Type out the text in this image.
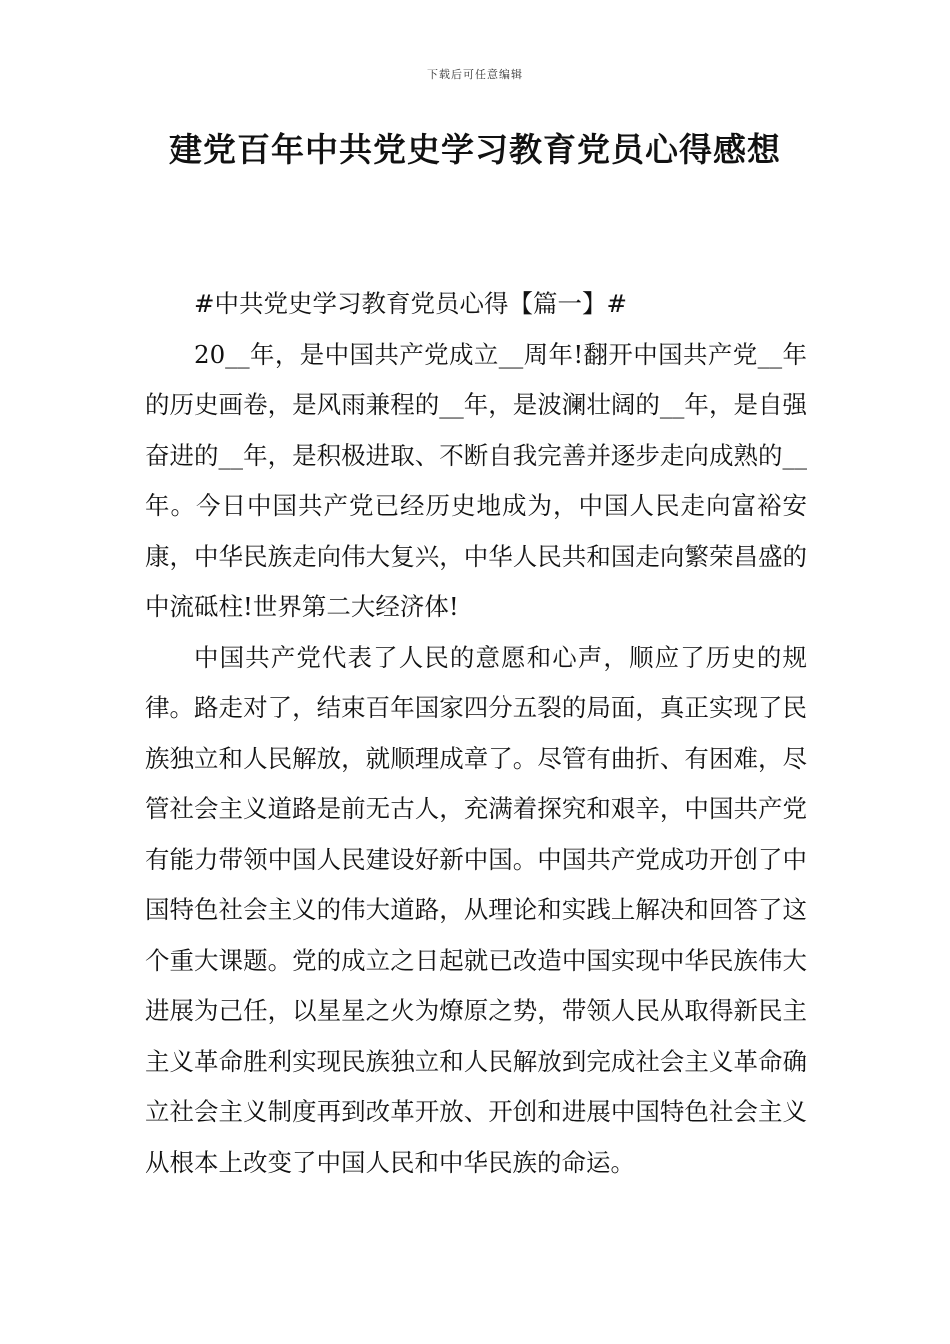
下载后可任意编辑
建党百年中共党史学习教育党员心得感想

#中共党史学习教育党员心得【篇一】#

20__年，是中国共产党成立__周年!翻开中国共产党__年的历史画卷，是风雨兼程的__年，是波澜壮阔的__年，是自强奋进的__年，是积极进取、不断自我完善并逐步走向成熟的__年。今日中国共产党已经历史地成为，中国人民走向富裕安康，中华民族走向伟大复兴，中华人民共和国走向繁荣昌盛的中流砥柱!世界第二大经济体!

中国共产党代表了人民的意愿和心声，顺应了历史的规律。路走对了，结束百年国家四分五裂的局面，真正实现了民族独立和人民解放，就顺理成章了。尽管有曲折、有困难，尽管社会主义道路是前无古人，充满着探究和艰辛，中国共产党有能力带领中国人民建设好新中国。中国共产党成功开创了中国特色社会主义的伟大道路，从理论和实践上解决和回答了这个重大课题。党的成立之日起就已改造中国实现中华民族伟大进展为己任，以星星之火为燎原之势，带领人民从取得新民主主义革命胜利实现民族独立和人民解放到完成社会主义革命确立社会主义制度再到改革开放、开创和进展中国特色社会主义从根本上改变了中国人民和中华民族的命运。
